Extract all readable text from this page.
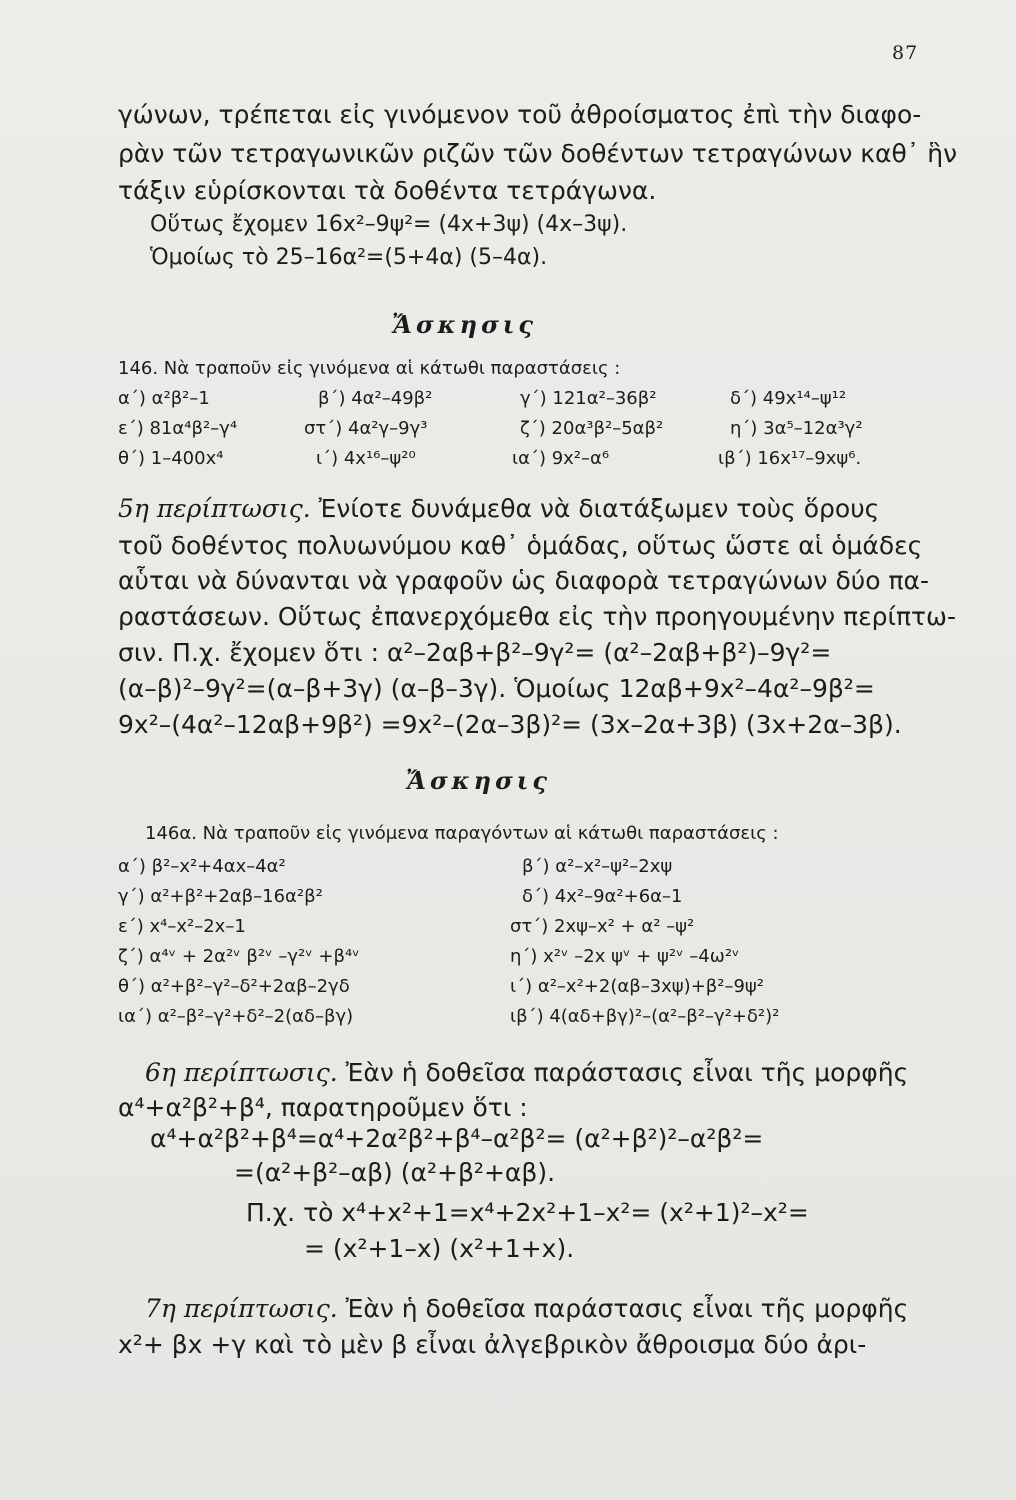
87
γώνων, τρέπεται εἰς γινόμενον τοῦ ἀθροίσματος ἐπὶ τὴν διαφο-
ρὰν τῶν τετραγωνικῶν ριζῶν τῶν δοθέντων τετραγώνων καθ᾽ ἣν
τάξιν εὑρίσκονται τὰ δοθέντα τετράγωνα.
Οὕτως ἔχομεν 16x²–9ψ²= (4x+3ψ) (4x–3ψ).
Ὁμοίως τὸ 25–16α²=(5+4α) (5–4α).
Ἄσκησις
146. Νὰ τραποῦν εἰς γινόμενα αἱ κάτωθι παραστάσεις :
α΄) α²β²–1	β΄) 4α²–49β²	γ΄) 121α²–36β²	δ΄) 49x¹⁴–ψ¹²
ε΄) 81α⁴β²–γ⁴	στ΄) 4α²γ–9γ³	ζ΄) 20α³β²–5αβ²	η΄) 3α⁵–12α³γ²
θ΄) 1–400x⁴	ι΄) 4x¹⁶–ψ²⁰	ια΄) 9x²–α⁶	ιβ΄) 16x¹⁷–9xψ⁶.
5η περίπτωσις. Ἐνίοτε δυνάμεθα νὰ διατάξωμεν τοὺς ὅρους
τοῦ δοθέντος πολυωνύμου καθ᾽ ὁμάδας, οὕτως ὥστε αἱ ὁμάδες
αὗται νὰ δύνανται νὰ γραφοῦν ὡς διαφορὰ τετραγώνων δύο πα-
ραστάσεων. Οὕτως ἐπανερχόμεθα εἰς τὴν προηγουμένην περίπτω-
σιν. Π.χ. ἔχομεν ὅτι : α²–2αβ+β²–9γ²= (α²–2αβ+β²)–9γ²=
(α–β)²–9γ²=(α–β+3γ) (α–β–3γ). Ὁμοίως 12αβ+9x²–4α²–9β²=
9x²–(4α²–12αβ+9β²) =9x²–(2α–3β)²= (3x–2α+3β) (3x+2α–3β).
Ἄσκησις
146α. Νὰ τραποῦν εἰς γινόμενα παραγόντων αἱ κάτωθι παραστάσεις :
α΄) β²–x²+4αx–4α²	β΄) α²–x²–ψ²–2xψ
γ΄) α²+β²+2αβ–16α²β²	δ΄) 4x²–9α²+6α–1
ε΄) x⁴–x²–2x–1	στ΄) 2xψ–x² + α² –ψ²
ζ΄) α⁴ᵛ + 2α²ᵛ β²ᵛ –γ²ᵛ +β⁴ᵛ	η΄) x²ᵛ –2x ψᵛ + ψ²ᵛ –4ω²ᵛ
θ΄) α²+β²–γ²–δ²+2αβ–2γδ	ι΄) α²–x²+2(αβ–3xψ)+β²–9ψ²
ια΄) α²–β²–γ²+δ²–2(αδ–βγ)	ιβ΄) 4(αδ+βγ)²–(α²–β²–γ²+δ²)²
6η περίπτωσις. Ἐὰν ἡ δοθεῖσα παράστασις εἶναι τῆς μορφῆς
α⁴+α²β²+β⁴, παρατηροῦμεν ὅτι :
α⁴+α²β²+β⁴=α⁴+2α²β²+β⁴–α²β²= (α²+β²)²–α²β²=
=(α²+β²–αβ) (α²+β²+αβ).
Π.χ. τὸ x⁴+x²+1=x⁴+2x²+1–x²= (x²+1)²–x²=
= (x²+1–x) (x²+1+x).
7η περίπτωσις. Ἐὰν ἡ δοθεῖσα παράστασις εἶναι τῆς μορφῆς
x²+ βx +γ καὶ τὸ μὲν β εἶναι ἀλγεβρικὸν ἄθροισμα δύο ἀρι-
